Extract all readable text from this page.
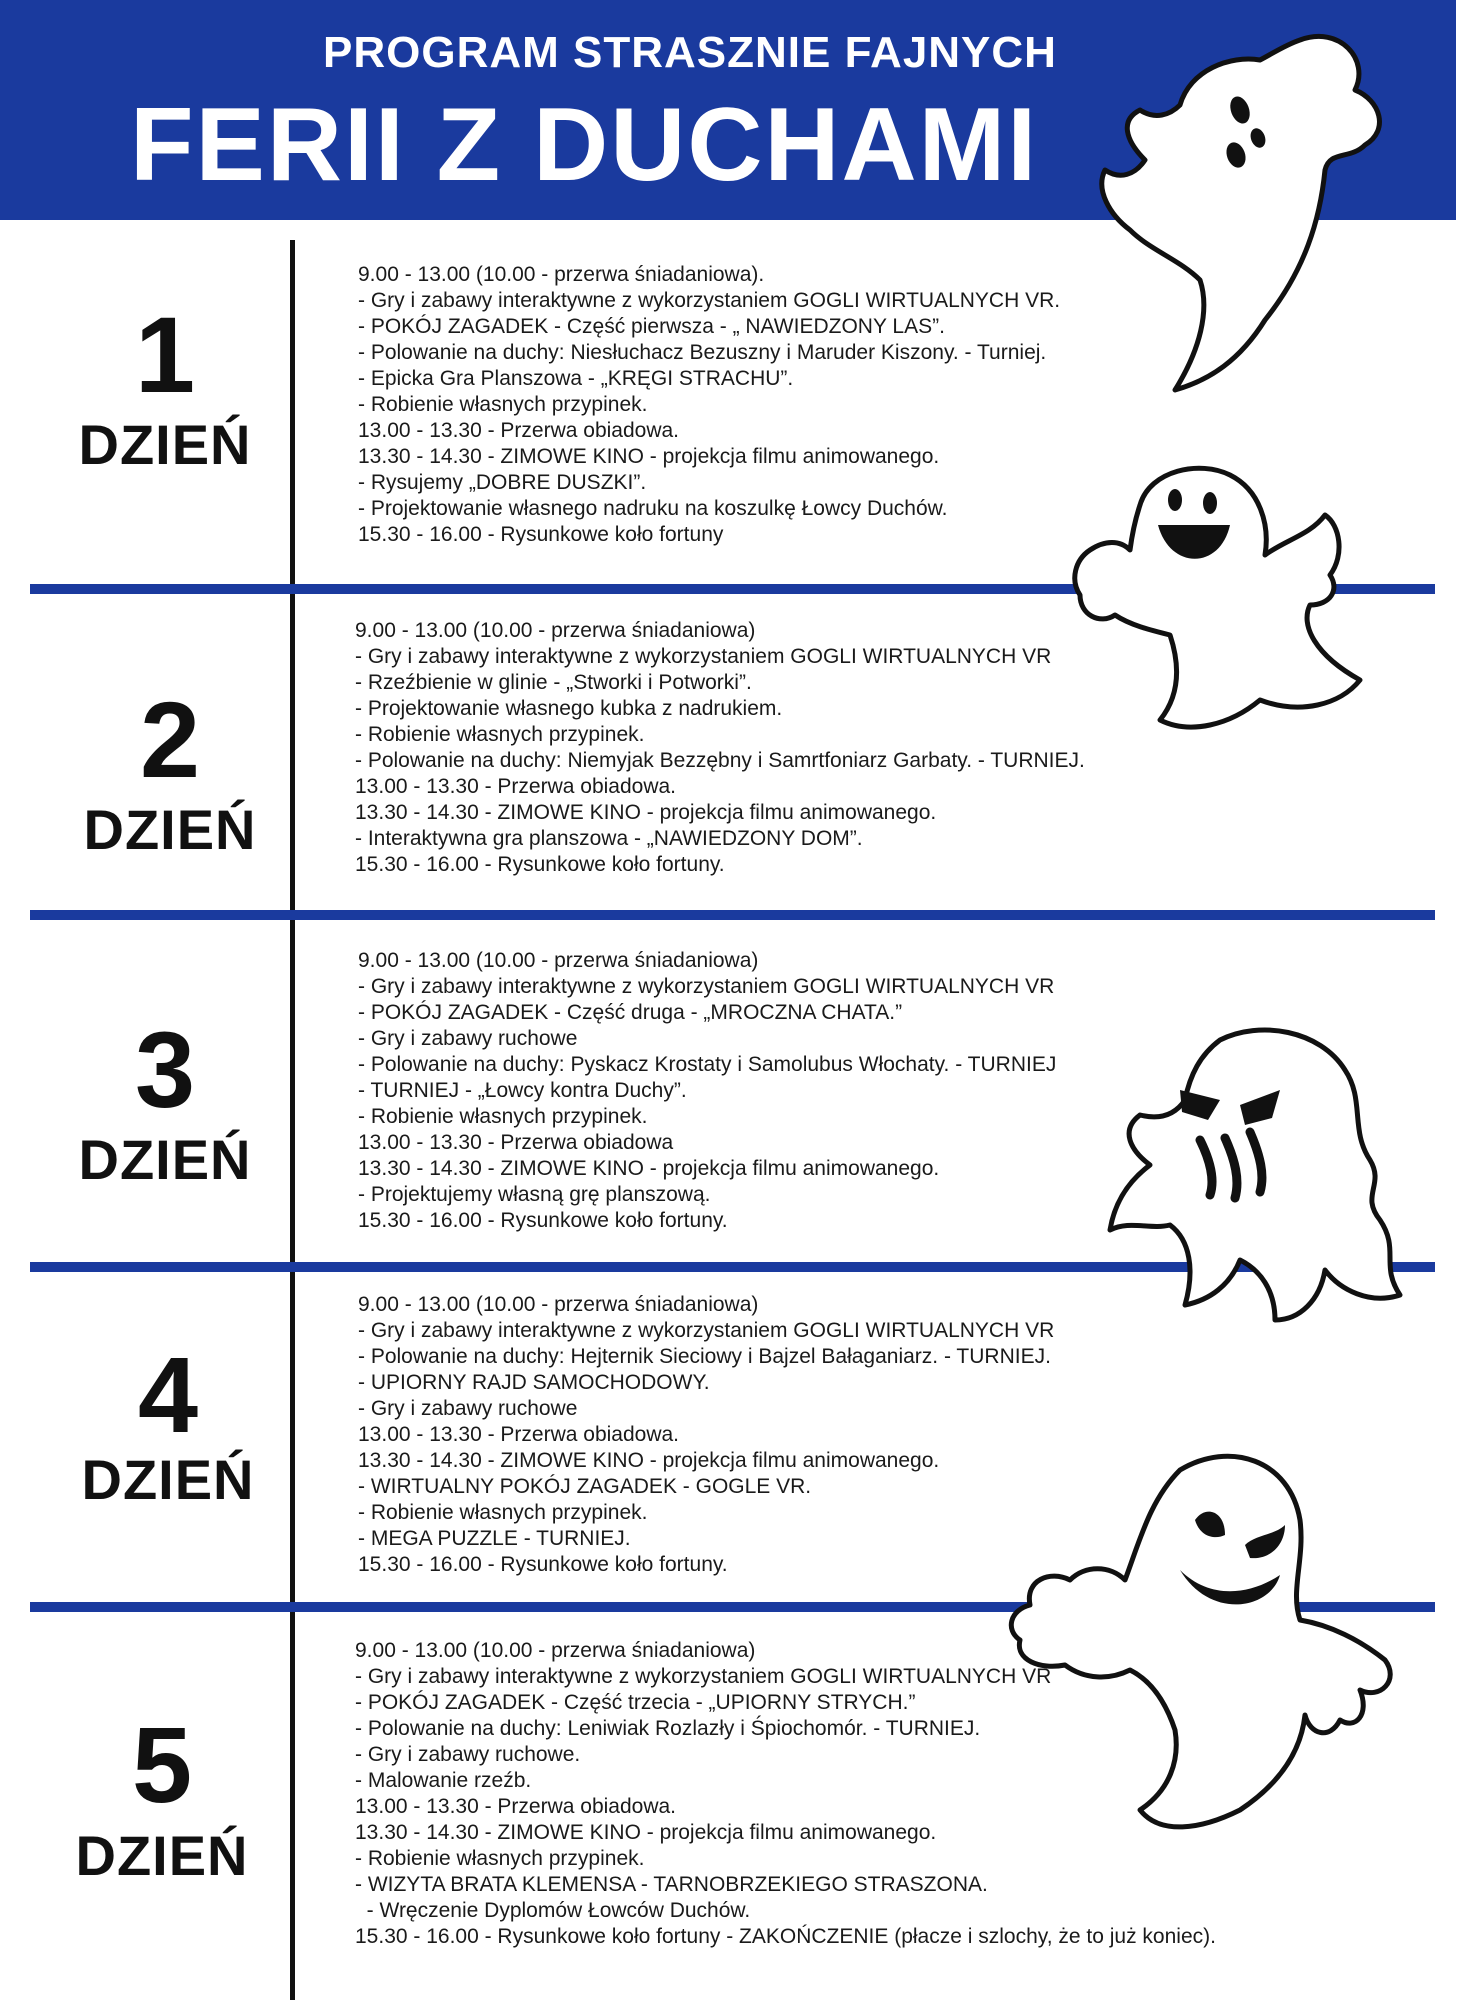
PROGRAM STRASZNIE FAJNYCH
FERII Z DUCHAMI
1
DZIEŃ
9.00 - 13.00 (10.00 - przerwa śniadaniowa).
- Gry i zabawy interaktywne z wykorzystaniem GOGLI WIRTUALNYCH VR.
- POKÓJ ZAGADEK - Część pierwsza - „ NAWIEDZONY LAS”.
- Polowanie na duchy: Niesłuchacz Bezuszny i Maruder Kiszony. - Turniej.
- Epicka Gra Planszowa - „KRĘGI STRACHU”.
- Robienie własnych przypinek.
13.00 - 13.30 - Przerwa obiadowa.
13.30 - 14.30 - ZIMOWE KINO - projekcja filmu animowanego.
- Rysujemy „DOBRE DUSZKI”.
- Projektowanie własnego nadruku na koszulkę Łowcy Duchów.
15.30 - 16.00 - Rysunkowe koło fortuny
2
DZIEŃ
9.00 - 13.00 (10.00 - przerwa śniadaniowa)
- Gry i zabawy interaktywne z wykorzystaniem GOGLI WIRTUALNYCH VR
- Rzeźbienie w glinie - „Stworki i Potworki”.
- Projektowanie własnego kubka z nadrukiem.
- Robienie własnych przypinek.
- Polowanie na duchy: Niemyjak Bezzębny i Samrtfoniarz Garbaty. - TURNIEJ.
13.00 - 13.30 - Przerwa obiadowa.
13.30 - 14.30 - ZIMOWE KINO - projekcja filmu animowanego.
- Interaktywna gra planszowa - „NAWIEDZONY DOM”.
15.30 - 16.00 - Rysunkowe koło fortuny.
3
DZIEŃ
9.00 - 13.00 (10.00 - przerwa śniadaniowa)
- Gry i zabawy interaktywne z wykorzystaniem GOGLI WIRTUALNYCH VR
- POKÓJ ZAGADEK - Część druga - „MROCZNA CHATA.”
- Gry i zabawy ruchowe
- Polowanie na duchy: Pyskacz Krostaty i Samolubus Włochaty. - TURNIEJ
- TURNIEJ - „Łowcy kontra Duchy”.
- Robienie własnych przypinek.
13.00 - 13.30 - Przerwa obiadowa
13.30 - 14.30 - ZIMOWE KINO - projekcja filmu animowanego.
- Projektujemy własną grę planszową.
15.30 - 16.00 - Rysunkowe koło fortuny.
4
DZIEŃ
9.00 - 13.00 (10.00 - przerwa śniadaniowa)
- Gry i zabawy interaktywne z wykorzystaniem GOGLI WIRTUALNYCH VR
- Polowanie na duchy: Hejternik Sieciowy i Bajzel Bałaganiarz. - TURNIEJ.
- UPIORNY RAJD SAMOCHODOWY.
- Gry i zabawy ruchowe
13.00 - 13.30 - Przerwa obiadowa.
13.30 - 14.30 - ZIMOWE KINO - projekcja filmu animowanego.
- WIRTUALNY POKÓJ ZAGADEK - GOGLE VR.
- Robienie własnych przypinek.
- MEGA PUZZLE - TURNIEJ.
15.30 - 16.00 - Rysunkowe koło fortuny.
5
DZIEŃ
9.00 - 13.00 (10.00 - przerwa śniadaniowa)
- Gry i zabawy interaktywne z wykorzystaniem GOGLI WIRTUALNYCH VR
- POKÓJ ZAGADEK - Część trzecia - „UPIORNY STRYCH.”
- Polowanie na duchy: Leniwiak Rozlazły i Śpiochomór. - TURNIEJ.
- Gry i zabawy ruchowe.
- Malowanie rzeźb.
13.00 - 13.30 - Przerwa obiadowa.
13.30 - 14.30 - ZIMOWE KINO - projekcja filmu animowanego.
- Robienie własnych przypinek.
- WIZYTA BRATA KLEMENSA - TARNOBRZEKIEGO STRASZONA.
- Wręczenie Dyplomów Łowców Duchów.
15.30 - 16.00 - Rysunkowe koło fortuny - ZAKOŃCZENIE (płacze i szlochy, że to już koniec).
